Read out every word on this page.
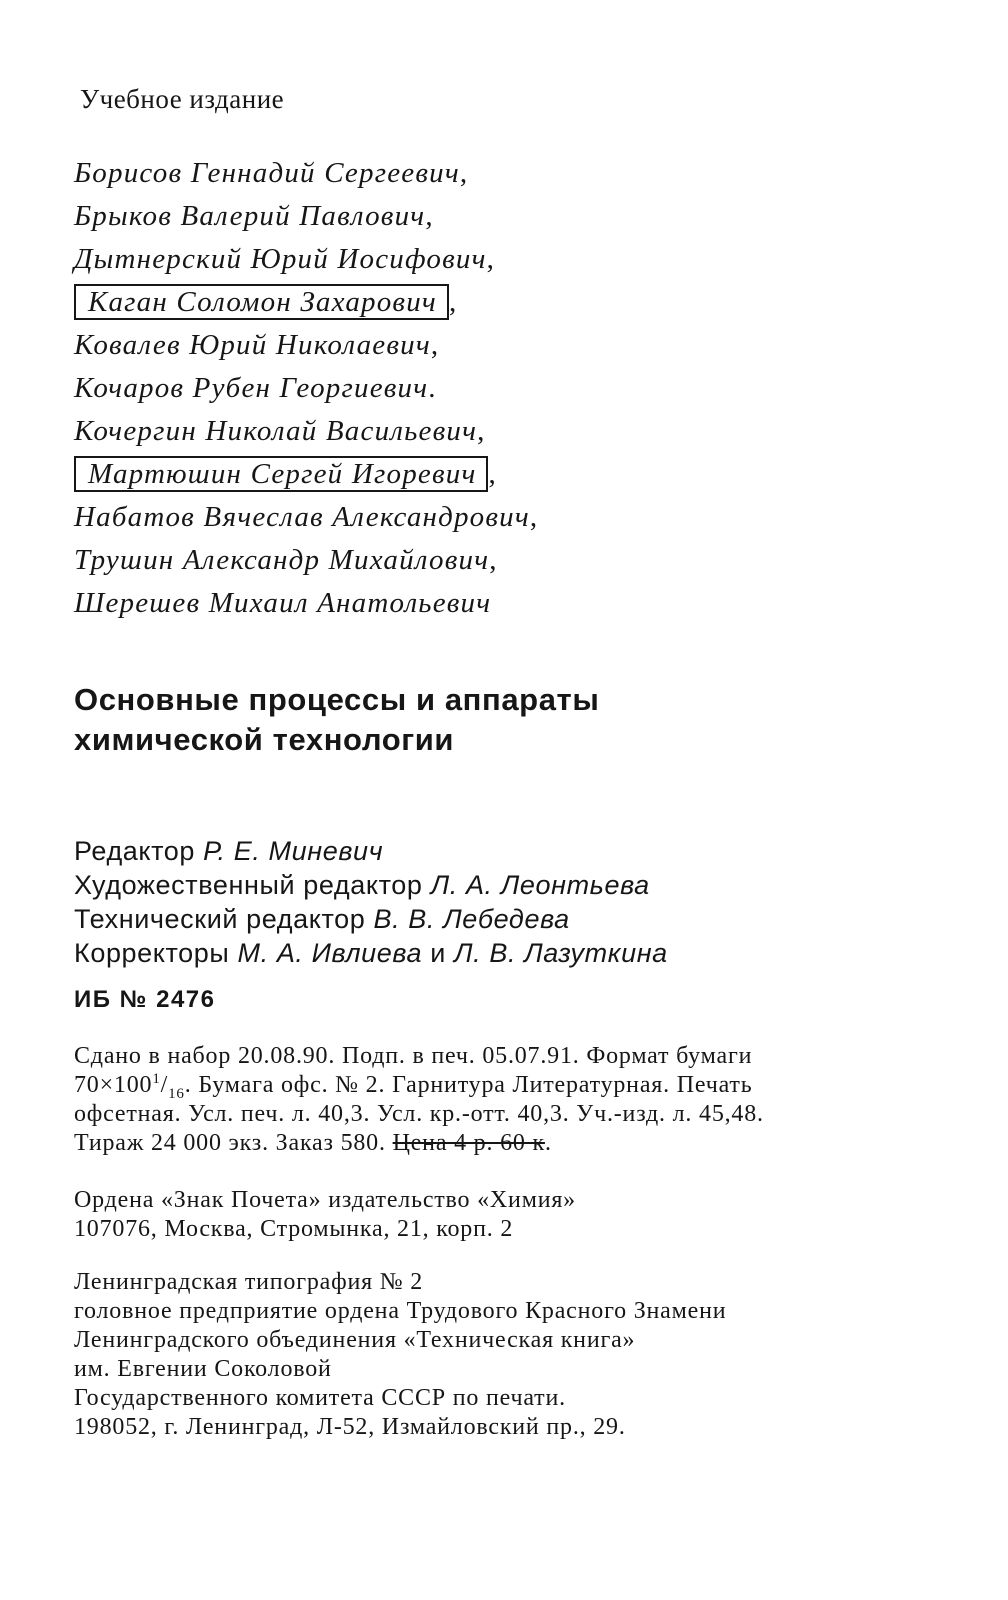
Учебное издание
Борисов Геннадий Сергеевич,
Брыков Валерий Павлович,
Дытнерский Юрий Иосифович,
Каган Соломон Захарович ,
Ковалев Юрий Николаевич,
Кочаров Рубен Георгиевич.
Кочергин Николай Васильевич,
Мартюшин Сергей Игоревич ,
Набатов Вячеслав Александрович,
Трушин Александр Михайлович,
Шерешев Михаил Анатольевич
Основные процессы и аппараты
химической технологии
Редактор Р. Е. Миневич
Художественный редактор Л. А. Леонтьева
Технический редактор В. В. Лебедева
Корректоры М. А. Ивлиева и Л. В. Лазуткина
ИБ № 2476
Сдано в набор 20.08.90. Подп. в печ. 05.07.91. Формат бумаги
$70\times 100^1/_{16}$. Бумага офс. № 2. Гарнитура Литературная. Печать
офсетная. Усл. печ. л. 40,3. Усл. кр.-отт. 40,3. Уч.-изд. л. 45,48.
Тираж 24 000 экз. Заказ 580. Цена 4 р. 60 к.
Ордена «Знак Почета» издательство «Химия»
107076, Москва, Стромынка, 21, корп. 2
Ленинградская типография № 2
головное предприятие ордена Трудового Красного Знамени
Ленинградского объединения «Техническая книга»
им. Евгении Соколовой
Государственного комитета СССР по печати.
198052, г. Ленинград, Л-52, Измайловский пр., 29.
